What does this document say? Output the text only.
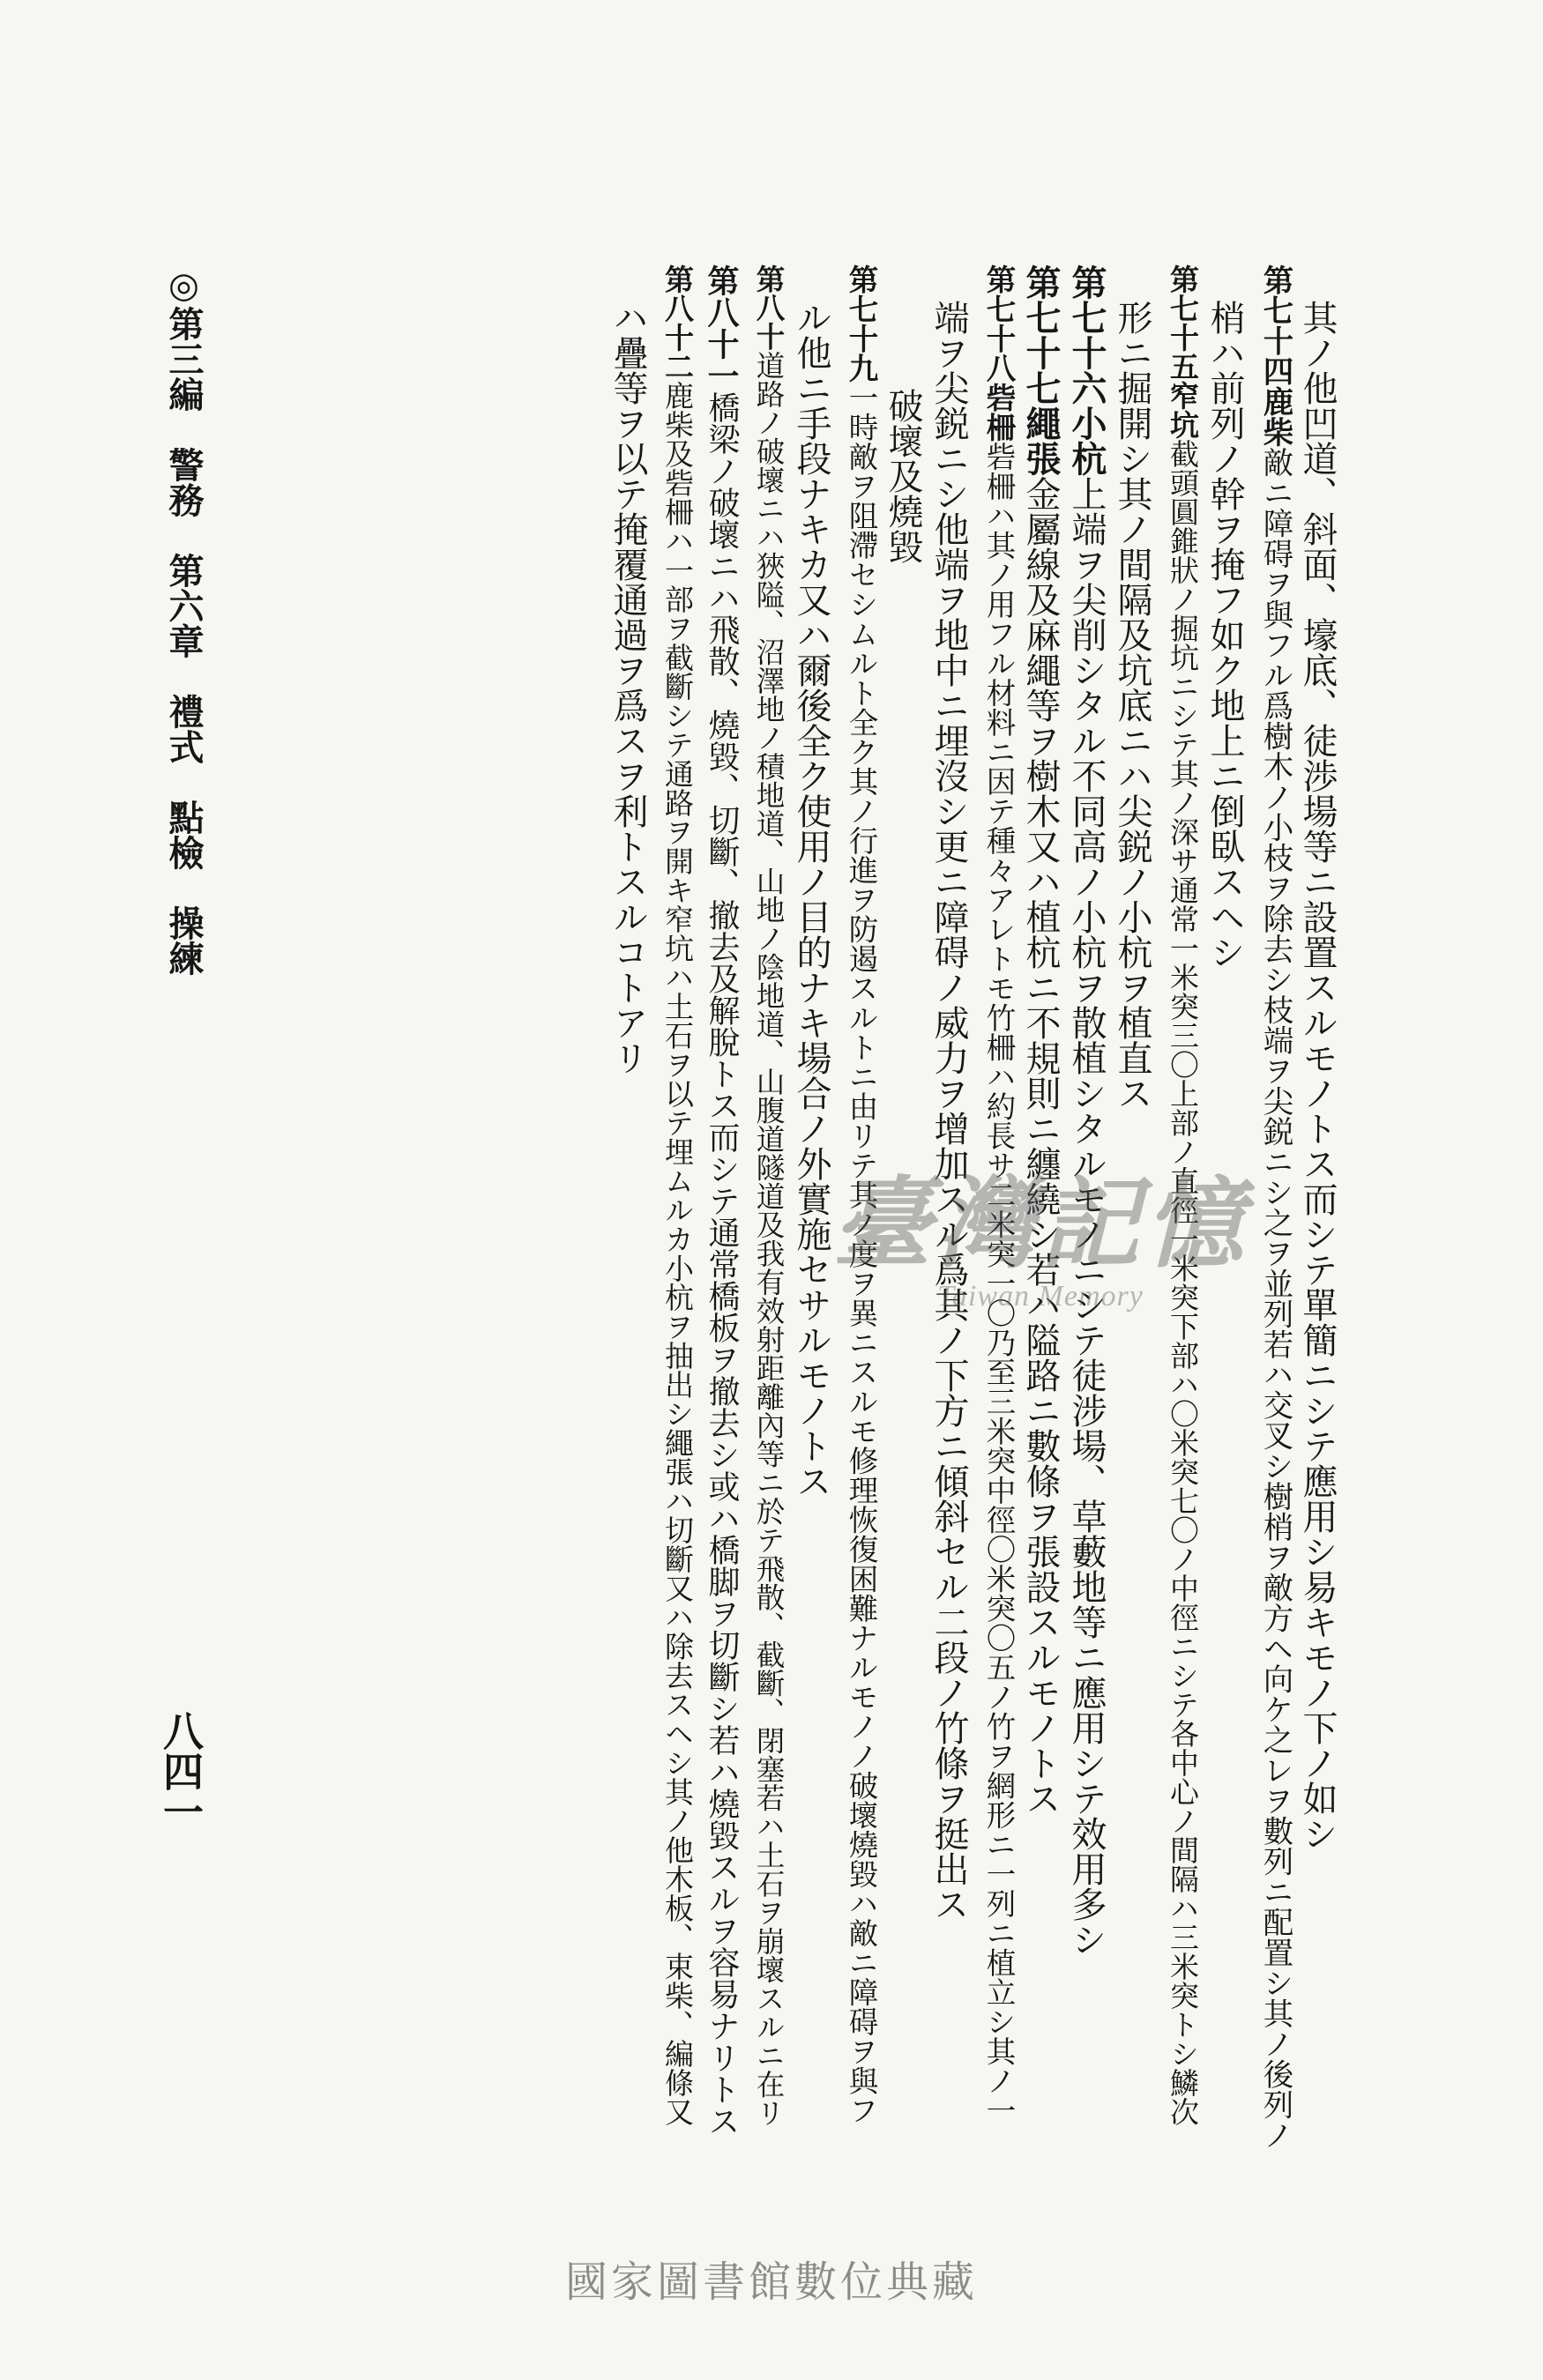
◎第三編　警務　第六章　禮式　點檢　操練
八四一	其ノ他凹道、斜面、壕底、徒渉場等ニ設置スルモノトス而シテ單簡ニシテ應用シ易キモノ下ノ如シ
第七十四鹿柴敵ニ障碍ヲ與フル爲樹木ノ小枝ヲ除去シ枝端ヲ尖鋭ニシ之ヲ並列若ハ交叉シ樹梢ヲ敵方ヘ向ケ之レヲ數列ニ配置シ其ノ後列ノ
梢ハ前列ノ幹ヲ掩フ如ク地上ニ倒臥スヘシ
第七十五窄坑截頭圓錐狀ノ掘坑ニシテ其ノ深サ通常一米突三〇上部ノ直徑一米突下部ハ〇米突七〇ノ中徑ニシテ各中心ノ間隔ハ三米突トシ鱗次
形ニ掘開シ其ノ間隔及坑底ニハ尖鋭ノ小杭ヲ植直ス
第七十六小杭上端ヲ尖削シタル不同高ノ小杭ヲ散植シタルモノニシテ徒涉場、草藪地等ニ應用シテ效用多シ
第七十七繩張金屬線及麻繩等ヲ樹木又ハ植杭ニ不規則ニ纏繞シ若ハ隘路ニ數條ヲ張設スルモノトス
第七十八砦柵砦柵ハ其ノ用フル材料ニ因テ種々アレトモ竹柵ハ約長サ二米突一〇乃至三米突中徑〇米突〇五ノ竹ヲ網形ニ一列ニ植立シ其ノ一
端ヲ尖鋭ニシ他端ヲ地中ニ埋沒シ更ニ障碍ノ威力ヲ增加スル爲其ノ下方ニ傾斜セル二段ノ竹條ヲ挺出ス
破壞及燒毀
第七十九一時敵ヲ阻滯セシムルト全ク其ノ行進ヲ防遏スルトニ由リテ其ノ度ヲ異ニスルモ修理恢復困難ナルモノノ破壞燒毀ハ敵ニ障碍ヲ與フ
ル他ニ手段ナキカ又ハ爾後全ク使用ノ目的ナキ場合ノ外實施セサルモノトス
第八十道路ノ破壞ニハ狹隘、沼澤地ノ積地道、山地ノ陰地道、山腹道隧道及我有效射距離內等ニ於テ飛散、截斷、閉塞若ハ土石ヲ崩壞スルニ在リ
第八十一橋梁ノ破壞ニハ飛散、燒毀、切斷、撤去及解脫トス而シテ通常橋板ヲ撤去シ或ハ橋脚ヲ切斷シ若ハ燒毀スルヲ容易ナリトス
第八十二鹿柴及砦柵ハ一部ヲ截斷シテ通路ヲ開キ窄坑ハ土石ヲ以テ埋ムルカ小杭ヲ抽出シ繩張ハ切斷又ハ除去スヘシ其ノ他木板、束柴、編條又
ハ疊等ヲ以テ掩覆通過ヲ爲スヲ利トスルコトアリ
臺灣記憶
Taiwan Memory
國家圖書館數位典藏
